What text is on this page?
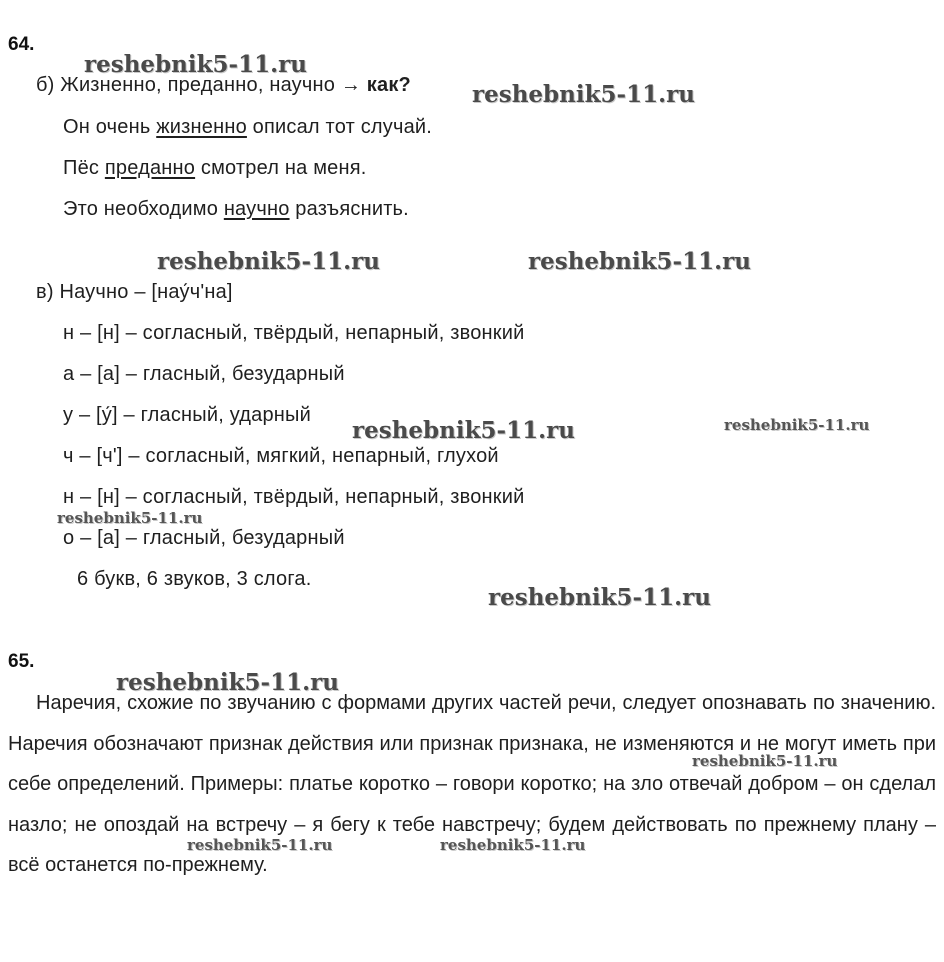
64.
б) Жизненно, преданно, научно → как?
Он очень жизненно описал тот случай.
Пёс преданно смотрел на меня.
Это необходимо научно разъяснить.
в) Научно – [нау́ч'на]
н – [н] – согласный, твёрдый, непарный, звонкий
а – [а] – гласный, безударный
у – [у́] – гласный, ударный
ч – [ч'] – согласный, мягкий, непарный, глухой
н – [н] – согласный, твёрдый, непарный, звонкий
о – [а] – гласный, безударный
6 букв, 6 звуков, 3 слога.
65.
Наречия, схожие по звучанию с формами других частей речи, следует опознавать по значению. Наречия обозначают признак действия или признак признака, не изменяются и не могут иметь при себе определений. Примеры: платье коротко – говори коротко; на зло отвечай добром – он сделал назло; не опоздай на встречу – я бегу к тебе навстречу; будем действовать по прежнему плану – всё останется по-прежнему.
reshebnik5-11.ru
reshebnik5-11.ru
reshebnik5-11.ru	reshebnik5-11.ru
reshebnik5-11.ru	reshebnik5-11.ru
reshebnik5-11.ru
reshebnik5-11.ru
reshebnik5-11.ru
reshebnik5-11.ru
reshebnik5-11.ru	reshebnik5-11.ru
